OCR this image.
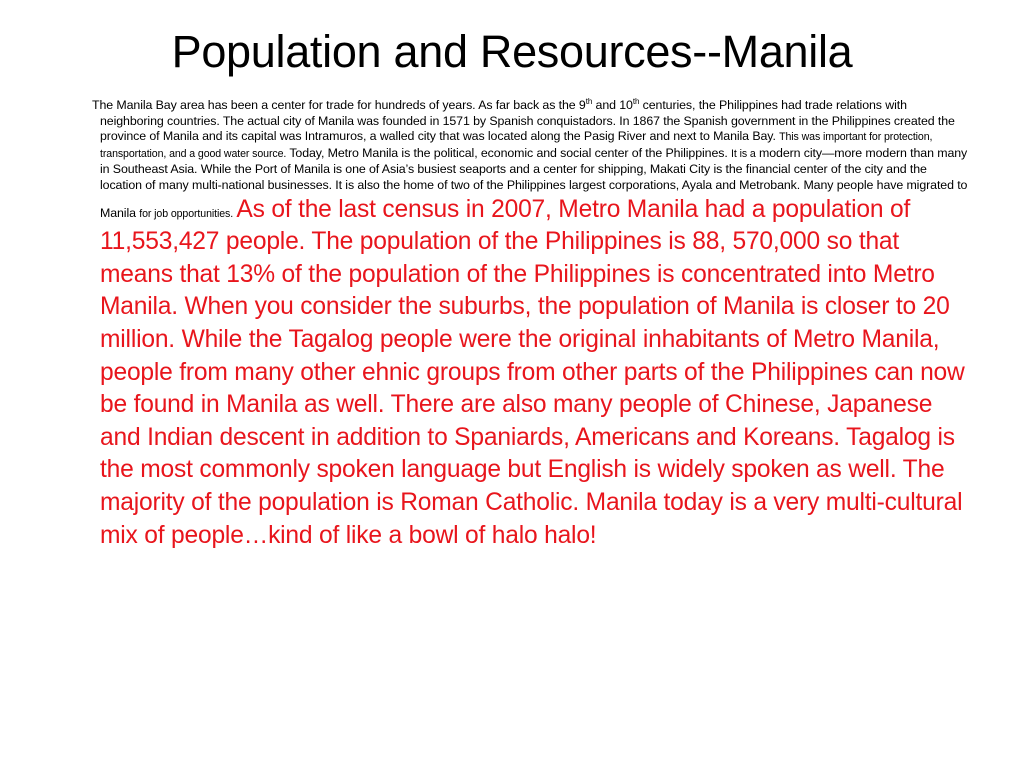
Population and Resources--Manila

The Manila Bay area has been a center for trade for hundreds of years. As far back as the 9th and 10th centuries, the Philippines had trade relations with neighboring countries. The actual city of Manila was founded in 1571 by Spanish conquistadors. In 1867 the Spanish government in the Philippines created the province of Manila and its capital was Intramuros, a walled city that was located along the Pasig River and next to Manila Bay. This was important for protection, transportation, and a good water source. Today, Metro Manila is the political, economic and social center of the Philippines. It is a modern city—more modern than many in Southeast Asia. While the Port of Manila is one of Asia’s busiest seaports and a center for shipping, Makati City is the financial center of the city and the location of many multi-national businesses. It is also the home of two of the Philippines largest corporations, Ayala and Metrobank. Many people have migrated to Manila for job opportunities. As of the last census in 2007, Metro Manila had a population of 11,553,427 people. The population of the Philippines is 88, 570,000 so that means that 13% of the population of the Philippines is concentrated into Metro Manila. When you consider the suburbs, the population of Manila is closer to 20 million. While the Tagalog people were the original inhabitants of Metro Manila, people from many other ehnic groups from other parts of the Philippines can now be found in Manila as well. There are also many people of Chinese, Japanese and Indian descent in addition to Spaniards, Americans and Koreans. Tagalog is the most commonly spoken language but English is widely spoken as well. The majority of the population is Roman Catholic. Manila today is a very multi-cultural mix of people…kind of like a bowl of halo halo!
